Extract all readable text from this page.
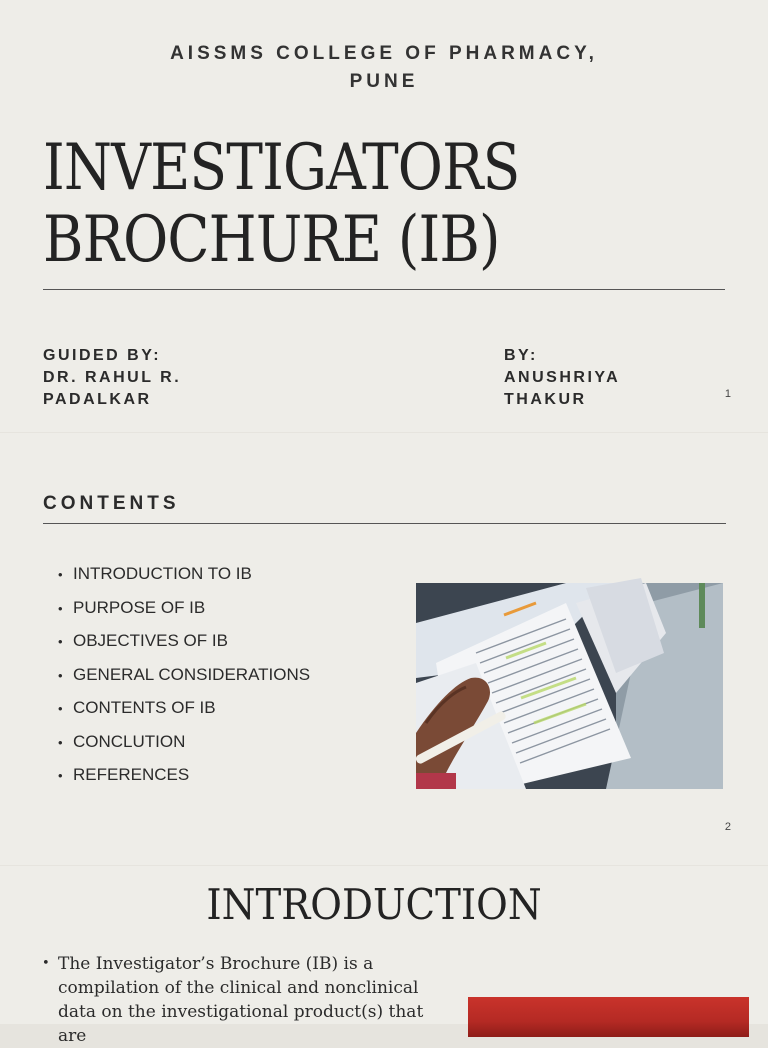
AISSMS COLLEGE OF PHARMACY,
PUNE
INVESTIGATORS
BROCHURE (IB)
GUIDED BY:
DR. RAHUL R.
PADALKAR
BY:
ANUSHRIYA
THAKUR	1
CONTENTS
• INTRODUCTION TO IB
• PURPOSE OF IB
• OBJECTIVES OF IB
• GENERAL CONSIDERATIONS
• CONTENTS OF IB
• CONCLUTION
• REFERENCES
2
INTRODUCTION
• The Investigator’s Brochure (IB) is a
compilation of the clinical and nonclinical
data on the investigational product(s) that are
